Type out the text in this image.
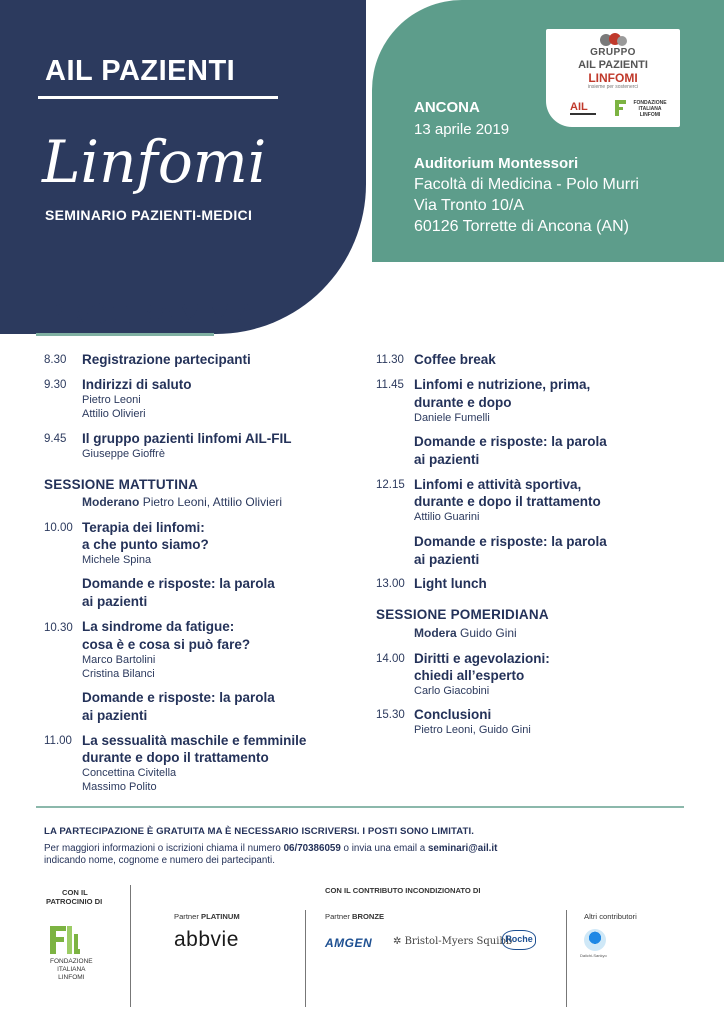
AIL PAZIENTI
Linfomi
SEMINARIO PAZIENTI-MEDICI
GRUPPO
AIL PAZIENTI
LINFOMI
insieme per sostenerci
AIL	FONDAZIONE ITALIANA LINFOMI
ANCONA
13 aprile 2019
Auditorium Montessori
Facoltà di Medicina - Polo Murri
Via Tronto 10/A
60126 Torrette di Ancona (AN)
PROGRAMMA
8.30 Registrazione partecipanti
9.30 Indirizzi di saluto
Pietro Leoni
Attilio Olivieri
9.45 Il gruppo pazienti linfomi AIL-FIL
Giuseppe Gioffrè
SESSIONE MATTUTINA
Moderano Pietro Leoni, Attilio Olivieri
10.00 Terapia dei linfomi:
a che punto siamo?
Michele Spina
Domande e risposte: la parola
ai pazienti
10.30 La sindrome da fatigue:
cosa è e cosa si può fare?
Marco Bartolini
Cristina Bilanci
Domande e risposte: la parola
ai pazienti
11.00 La sessualità maschile e femminile
durante e dopo il trattamento
Concettina Civitella
Massimo Polito
11.30 Coffee break
11.45 Linfomi e nutrizione, prima,
durante e dopo
Daniele Fumelli
Domande e risposte: la parola
ai pazienti
12.15 Linfomi e attività sportiva,
durante e dopo il trattamento
Attilio Guarini
Domande e risposte: la parola
ai pazienti
13.00 Light lunch
SESSIONE POMERIDIANA
Modera Guido Gini
14.00 Diritti e agevolazioni:
chiedi all’esperto
Carlo Giacobini
15.30 Conclusioni
Pietro Leoni, Guido Gini
LA PARTECIPAZIONE È GRATUITA MA È NECESSARIO ISCRIVERSI. I POSTI SONO LIMITATI.
Per maggiori informazioni o iscrizioni chiama il numero 06/70386059 o invia una email a seminari@ail.it
indicando nome, cognome e numero dei partecipanti.
CON IL
PATROCINIO DI
FONDAZIONE
ITALIANA
LINFOMI
CON IL CONTRIBUTO INCONDIZIONATO DI
Partner PLATINUM	Partner BRONZE	Altri contributori
abbvie	AMGEN ✲ Bristol-Myers Squibb
Roche
Daiichi-Sankyo
